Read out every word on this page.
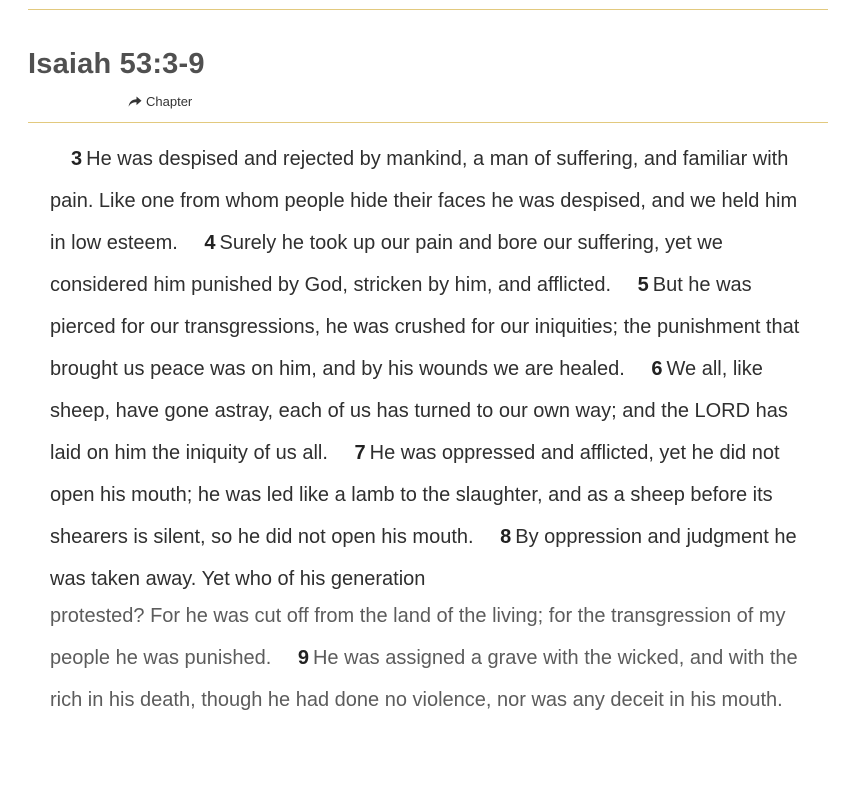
Isaiah 53:3-9
Chapter

3 He was despised and rejected by mankind, a man of suffering, and familiar with pain. Like one from whom people hide their faces he was despised, and we held him in low esteem. 4 Surely he took up our pain and bore our suffering, yet we considered him punished by God, stricken by him, and afflicted. 5 But he was pierced for our transgressions, he was crushed for our iniquities; the punishment that brought us peace was on him, and by his wounds we are healed. 6 We all, like sheep, have gone astray, each of us has turned to our own way; and the LORD has laid on him the iniquity of us all. 7 He was oppressed and afflicted, yet he did not open his mouth; he was led like a lamb to the slaughter, and as a sheep before its shearers is silent, so he did not open his mouth. 8 By oppression and judgment he was taken away. Yet who of his generation
protested? For he was cut off from the land of the living; for the transgression of my people he was punished. 9 He was assigned a grave with the wicked, and with the rich in his death, though he had done no violence, nor was any deceit in his mouth.
